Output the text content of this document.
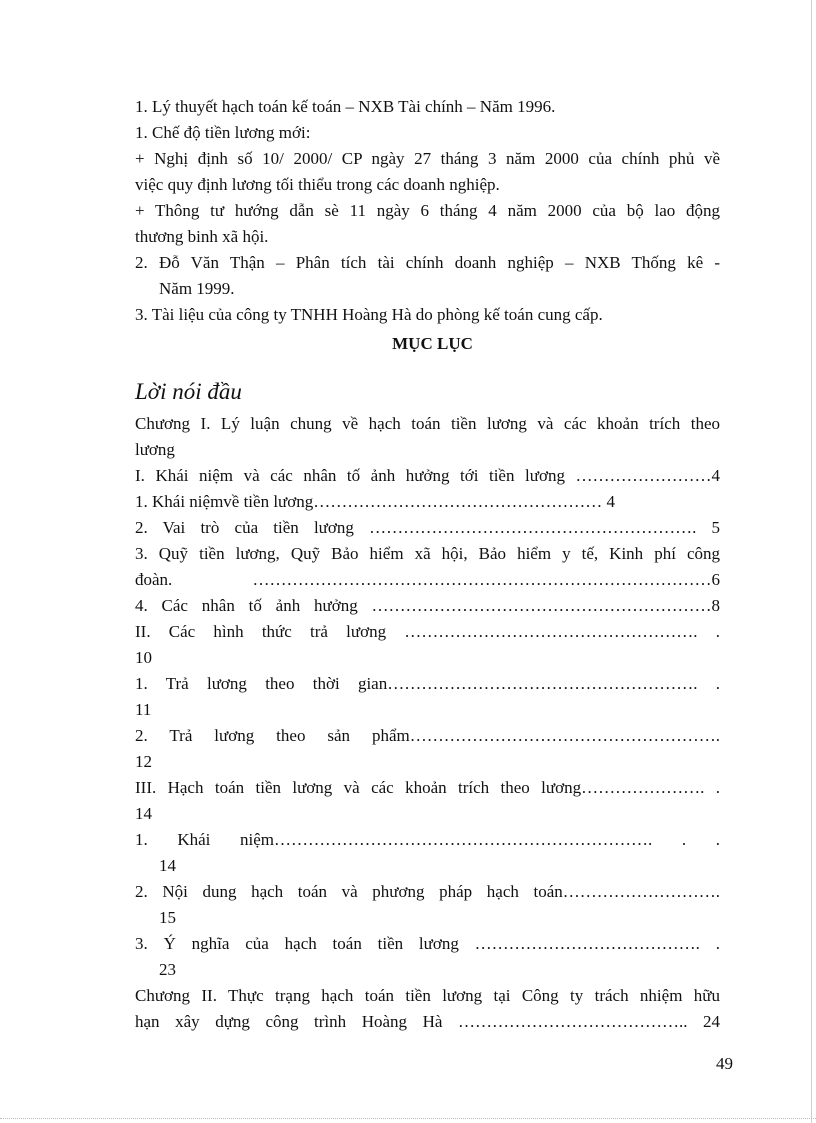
1. Lý thuyết hạch toán kế toán – NXB Tài chính – Năm 1996.
1. Chế độ tiền lương mới:
+ Nghị định số 10/ 2000/ CP ngày 27 tháng 3 năm 2000 của chính phủ về
việc quy định lương tối thiểu trong các doanh nghiệp.
+ Thông tư hướng dẫn sè 11 ngày 6 tháng 4 năm 2000 của bộ lao động
thương binh xã hội.
2. Đỗ Văn Thận – Phân tích tài chính doanh nghiệp – NXB Thống kê -
Năm 1999.
3. Tài liệu của công ty TNHH Hoàng Hà do phòng kế toán cung cấp.
MỤC LỤC
Lời nói đầu
Chương I. Lý luận chung về hạch toán tiền lương và các khoản trích theo
lương
I. Khái niệm và các nhân tố ảnh hưởng tới tiền lương ……………………4
1. Khái niệmvề tiền lương…………………………………………… 4
2. Vai trò của tiền lương …………………………………………………. 5
3. Quỹ tiền lương, Quỹ Bảo hiểm xã hội, Bảo hiểm y tế, Kinh phí công
đoàn. ………………………………………………………………………6
4. Các nhân tố ảnh hưởng ……………………………………………………8
II. Các hình thức trả lương ……………………………………………. .
10
1. Trả lương theo thời gian………………………………………………. .
11
2. Trả lương theo sản phẩm……………………………………………….
12
III. Hạch toán tiền lương và các khoản trích theo lương…………………. .
14
1. Khái niệm…………………………………………………………. . .
14
2. Nội dung hạch toán và phương pháp hạch toán……………………….
15
3. Ý nghĩa của hạch toán tiền lương …………………………………. .
23
Chương II. Thực trạng hạch toán tiền lương tại Công ty trách nhiệm hữu
hạn xây dựng công trình Hoàng Hà ………………………………….. 24
49
